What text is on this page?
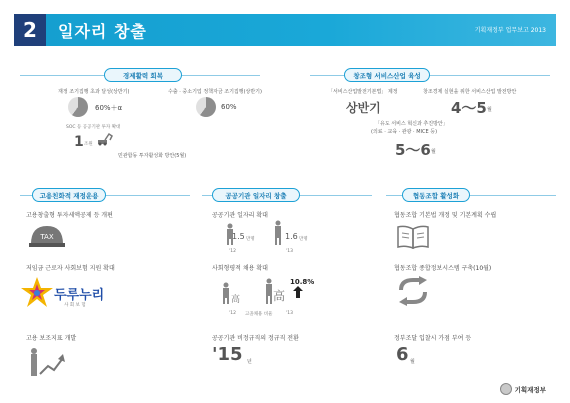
2	일자리 창출	기획재정부 업무보고 2013
경제활력 회복
재정 조기집행 초과 달성(상반기)
60%＋α
수출 · 중소기업 정책자금 조기집행(상반기)
60%
SOC 등 공공기관 투자 확대
1 조원
민관합동 투자활성화 방안(5월)
창조형 서비스산업 육성
「서비스산업발전기본법」 제정
상반기
창조경제 실현을 위한 서비스산업 발전방안
4～5 월
「유도 서비스 혁신과 추진방안」
(의료 · 교육 · 관광 · MICE 등)
5～6 월
고용친화적 재정운용
고용창출형 투자세액공제 등 개편
TAX
저임금 근로자 사회보험 지원 확대
두루누리
사 회 보 험
고용 보조지표 개발
공공기관 일자리 창출
공공기관 일자리 확대
1.5 만명
'12
1.6 만명
'13
사회형평적 채용 확대
10.8%
高	高
고졸채용 비율
'12	'13
공공기관 비정규직의 정규직 전환
'15 년
협동조합 활성화
협동조합 기본법 개정 및 기본계획 수립
협동조합 종합정보시스템 구축(10월)
정부조달 입찰시 가점 부여 등
6 월
기획재정부
